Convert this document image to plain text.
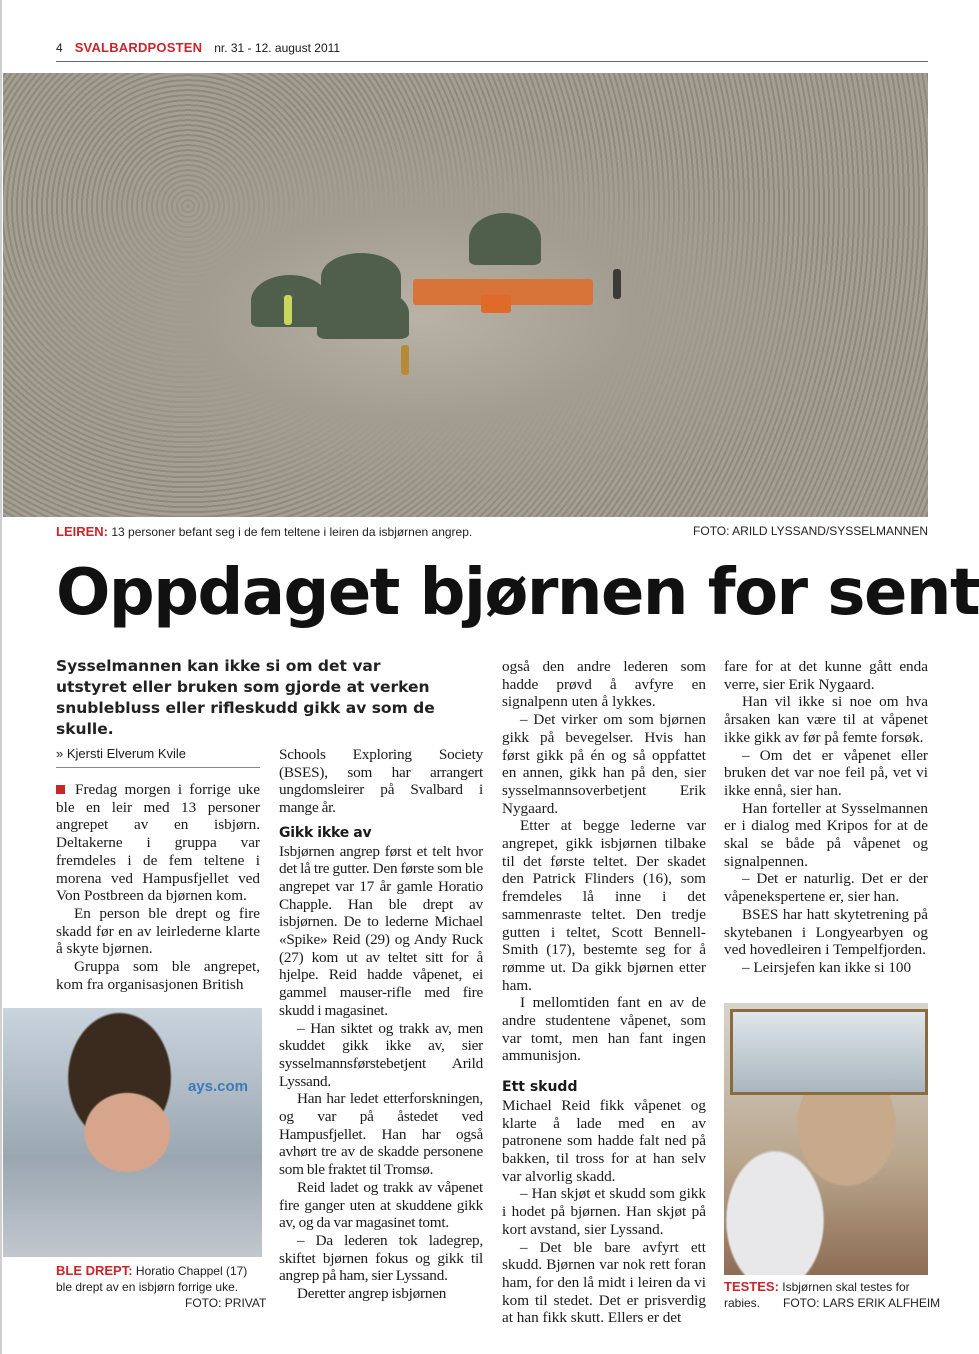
4 SVALBARDPOSTEN nr. 31 - 12. august 2011
LEIREN: 13 personer befant seg i de fem teltene i leiren da isbjørnen angrep.	FOTO: ARILD LYSSAND/SYSSELMANNEN
Oppdaget bjørnen for sent
Sysselmannen kan ikke si om det var utstyret eller bruken som gjorde at verken snublebluss eller rifleskudd gikk av som de skulle.
» Kjersti Elverum Kvile

Fredag morgen i forrige uke ble en leir med 13 personer angrepet av en isbjørn. Deltakerne i gruppa var fremdeles i de fem teltene i morena ved Hampusfjellet ved Von Postbreen da bjørnen kom.

En person ble drept og fire skadd før en av leirlederne klarte å skyte bjørnen.

Gruppa som ble angrepet, kom fra organisasjonen British

Schools Exploring Society (BSES), som har arrangert ungdomsleirer på Svalbard i mange år.

Gikk ikke av

Isbjørnen angrep først et telt hvor det lå tre gutter. Den første som ble angrepet var 17 år gamle Horatio Chapple. Han ble drept av isbjørnen. De to lederne Michael «Spike» Reid (29) og Andy Ruck (27) kom ut av teltet sitt for å hjelpe. Reid hadde våpenet, ei gammel mauser-rifle med fire skudd i magasinet.

– Han siktet og trakk av, men skuddet gikk ikke av, sier sysselmannsførstebetjent Arild Lyssand.

Han har ledet etterforskningen, og var på åstedet ved Hampusfjellet. Han har også avhørt tre av de skadde personene som ble fraktet til Tromsø.

Reid ladet og trakk av våpenet fire ganger uten at skuddene gikk av, og da var magasinet tomt.

– Da lederen tok ladegrep, skiftet bjørnen fokus og gikk til angrep på ham, sier Lyssand.

Deretter angrep isbjørnen

også den andre lederen som hadde prøvd å avfyre en signalpenn uten å lykkes.

– Det virker om som bjørnen gikk på bevegelser. Hvis han først gikk på én og så oppfattet en annen, gikk han på den, sier sysselmannsoverbetjent Erik Nygaard.

Etter at begge lederne var angrepet, gikk isbjørnen tilbake til det første teltet. Der skadet den Patrick Flinders (16), som fremdeles lå inne i det sammenraste teltet. Den tredje gutten i teltet, Scott Bennell-Smith (17), bestemte seg for å rømme ut. Da gikk bjørnen etter ham.

I mellomtiden fant en av de andre studentene våpenet, som var tomt, men han fant ingen ammunisjon.

Ett skudd

Michael Reid fikk våpenet og klarte å lade med en av patronene som hadde falt ned på bakken, til tross for at han selv var alvorlig skadd.

– Han skjøt et skudd som gikk i hodet på bjørnen. Han skjøt på kort avstand, sier Lyssand.

– Det ble bare avfyrt ett skudd. Bjørnen var nok rett foran ham, for den lå midt i leiren da vi kom til stedet. Det er prisverdig at han fikk skutt. Ellers er det

fare for at det kunne gått enda verre, sier Erik Nygaard.

Han vil ikke si noe om hva årsaken kan være til at våpenet ikke gikk av før på femte forsøk.

– Om det er våpenet eller bruken det var noe feil på, vet vi ikke ennå, sier han.

Han forteller at Sysselmannen er i dialog med Kripos for at de skal se både på våpenet og signalpennen.

– Det er naturlig. Det er der våpenekspertene er, sier han.

BSES har hatt skytetrening på skytebanen i Longyearbyen og ved hovedleiren i Tempelfjorden.

– Leirsjefen kan ikke si 100

ays.com
BLE DREPT: Horatio Chappel (17) ble drept av en isbjørn forrige uke.
FOTO: PRIVAT
TESTES: Isbjørnen skal testes for rabies.	FOTO: LARS ERIK ALFHEIM
